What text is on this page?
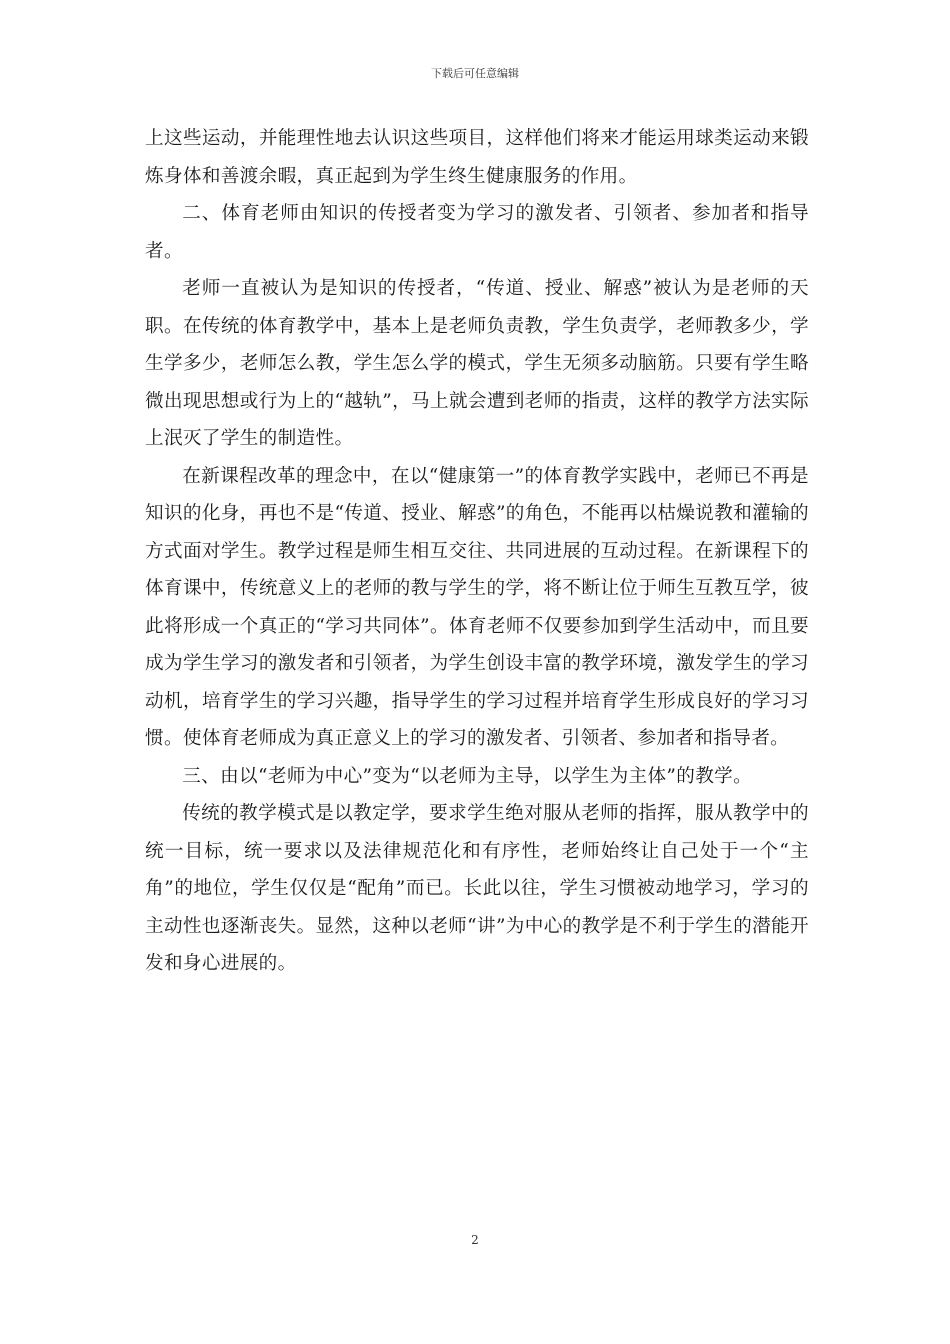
下载后可任意编辑

上这些运动，并能理性地去认识这些项目，这样他们将来才能运用球类运动来锻炼身体和善渡余暇，真正起到为学生终生健康服务的作用。

二、体育老师由知识的传授者变为学习的激发者、引领者、参加者和指导者。

老师一直被认为是知识的传授者，“传道、授业、解惑”被认为是老师的天职。在传统的体育教学中，基本上是老师负责教，学生负责学，老师教多少，学生学多少，老师怎么教，学生怎么学的模式，学生无须多动脑筋。只要有学生略微出现思想或行为上的“越轨”，马上就会遭到老师的指责，这样的教学方法实际上泯灭了学生的制造性。

在新课程改革的理念中，在以“健康第一”的体育教学实践中，老师已不再是知识的化身，再也不是“传道、授业、解惑”的角色，不能再以枯燥说教和灌输的方式面对学生。教学过程是师生相互交往、共同进展的互动过程。在新课程下的体育课中，传统意义上的老师的教与学生的学，将不断让位于师生互教互学，彼此将形成一个真正的“学习共同体”。体育老师不仅要参加到学生活动中，而且要成为学生学习的激发者和引领者，为学生创设丰富的教学环境，激发学生的学习动机，培育学生的学习兴趣，指导学生的学习过程并培育学生形成良好的学习习惯。使体育老师成为真正意义上的学习的激发者、引领者、参加者和指导者。

三、由以“老师为中心”变为“以老师为主导，以学生为主体”的教学。

传统的教学模式是以教定学，要求学生绝对服从老师的指挥，服从教学中的统一目标，统一要求以及法律规范化和有序性，老师始终让自己处于一个“主角”的地位，学生仅仅是“配角”而已。长此以往，学生习惯被动地学习，学习的主动性也逐渐丧失。显然，这种以老师“讲”为中心的教学是不利于学生的潜能开发和身心进展的。

2
